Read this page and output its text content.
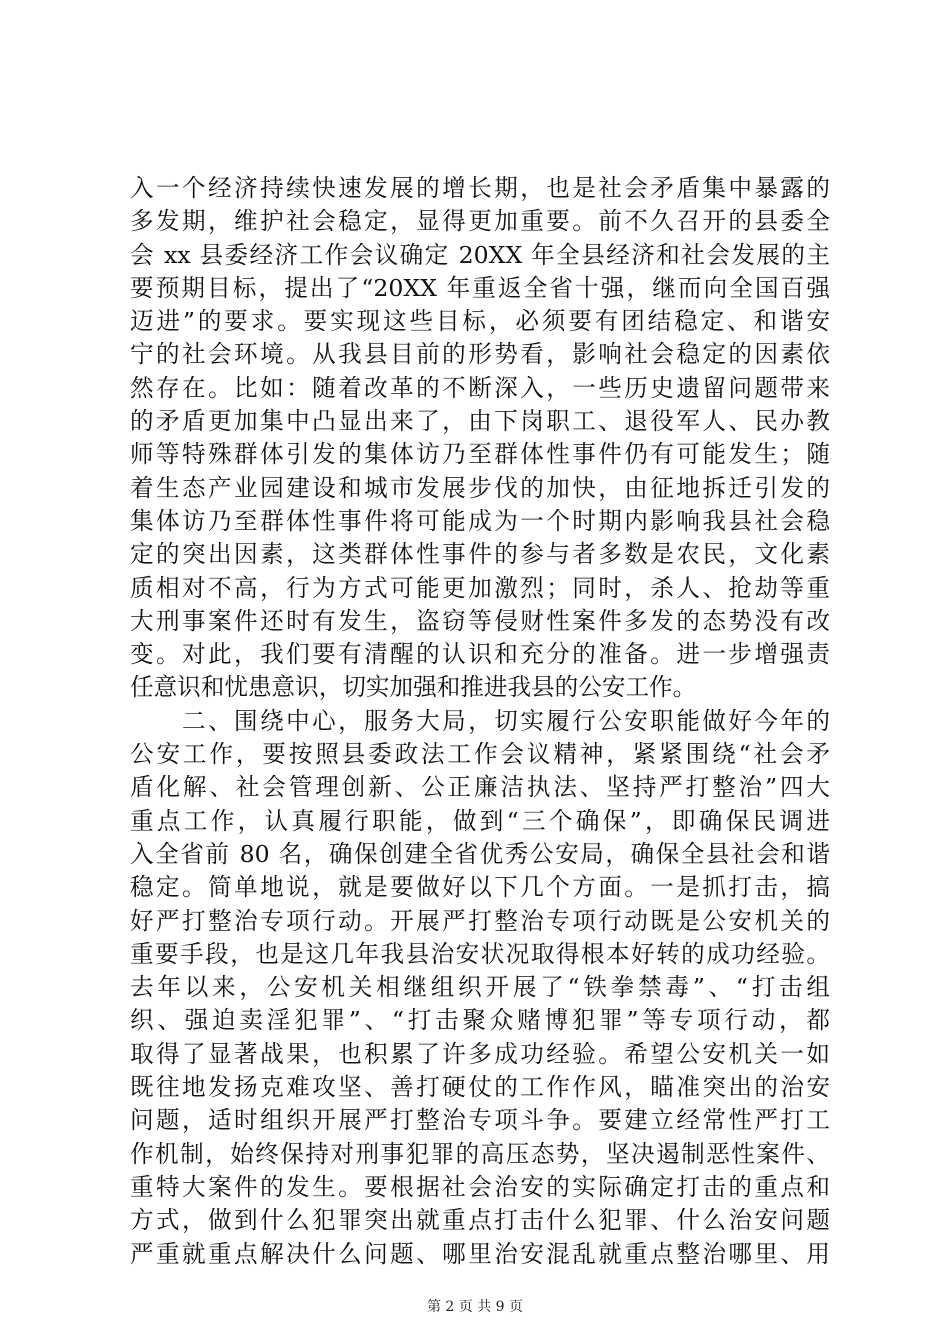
入一个经济持续快速发展的增长期，也是社会矛盾集中暴露的
多发期，维护社会稳定，显得更加重要。前不久召开的县委全
会 xx 县委经济工作会议确定 20XX 年全县经济和社会发展的主
要预期目标，提出了“20XX 年重返全省十强，继而向全国百强
迈进”的要求。要实现这些目标，必须要有团结稳定、和谐安
宁的社会环境。从我县目前的形势看，影响社会稳定的因素依
然存在。比如：随着改革的不断深入，一些历史遗留问题带来
的矛盾更加集中凸显出来了，由下岗职工、退役军人、民办教
师等特殊群体引发的集体访乃至群体性事件仍有可能发生；随
着生态产业园建设和城市发展步伐的加快，由征地拆迁引发的
集体访乃至群体性事件将可能成为一个时期内影响我县社会稳
定的突出因素，这类群体性事件的参与者多数是农民，文化素
质相对不高，行为方式可能更加激烈；同时，杀人、抢劫等重
大刑事案件还时有发生，盗窃等侵财性案件多发的态势没有改
变。对此，我们要有清醒的认识和充分的准备。进一步增强责
任意识和忧患意识，切实加强和推进我县的公安工作。
　　二、围绕中心，服务大局，切实履行公安职能做好今年的
公安工作，要按照县委政法工作会议精神，紧紧围绕“社会矛
盾化解、社会管理创新、公正廉洁执法、坚持严打整治”四大
重点工作，认真履行职能，做到“三个确保”，即确保民调进
入全省前 80 名，确保创建全省优秀公安局，确保全县社会和谐
稳定。简单地说，就是要做好以下几个方面。一是抓打击，搞
好严打整治专项行动。开展严打整治专项行动既是公安机关的
重要手段，也是这几年我县治安状况取得根本好转的成功经验。
去年以来，公安机关相继组织开展了“铁拳禁毒”、“打击组
织、强迫卖淫犯罪”、“打击聚众赌博犯罪”等专项行动，都
取得了显著战果，也积累了许多成功经验。希望公安机关一如
既往地发扬克难攻坚、善打硬仗的工作作风，瞄准突出的治安
问题，适时组织开展严打整治专项斗争。要建立经常性严打工
作机制，始终保持对刑事犯罪的高压态势，坚决遏制恶性案件、
重特大案件的发生。要根据社会治安的实际确定打击的重点和
方式，做到什么犯罪突出就重点打击什么犯罪、什么治安问题
严重就重点解决什么问题、哪里治安混乱就重点整治哪里、用
第 2 页 共 9 页
